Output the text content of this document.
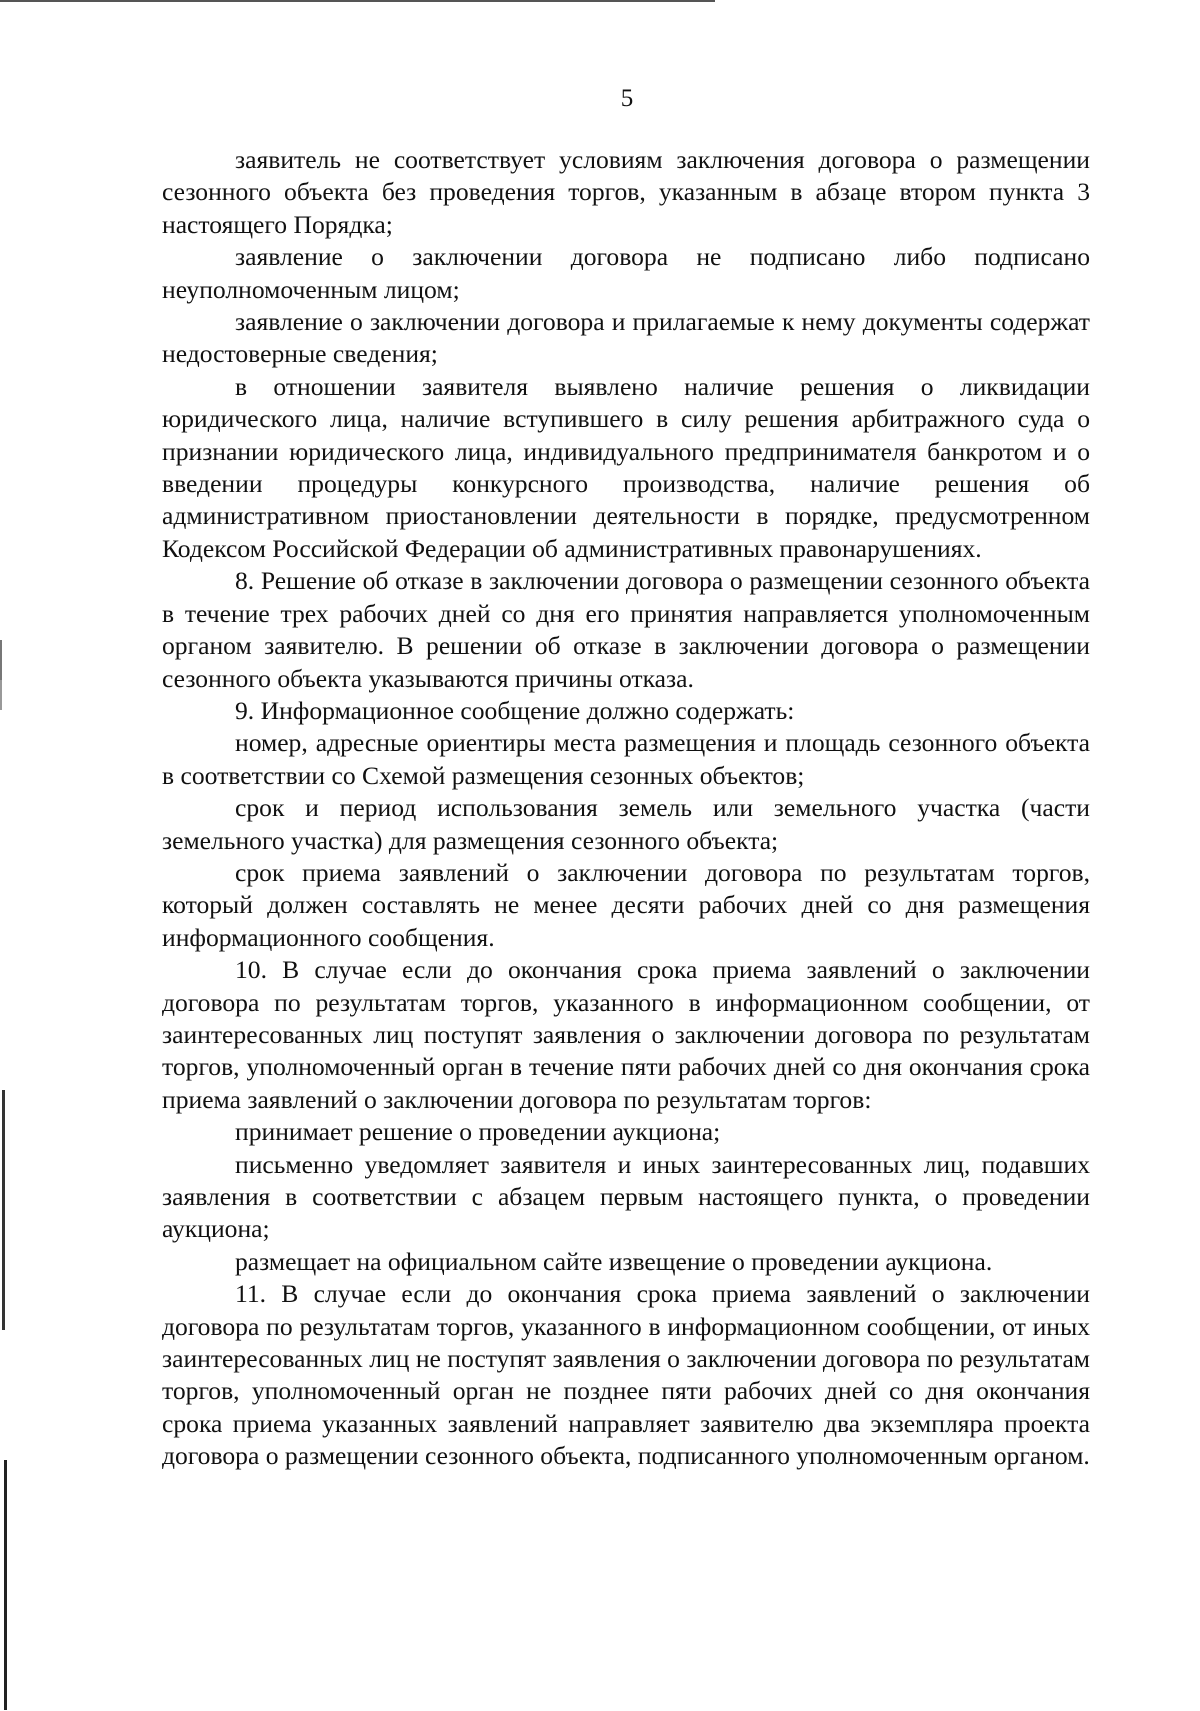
5

заявитель не соответствует условиям заключения договора о размещении сезонного объекта без проведения торгов, указанным в абзаце втором пункта 3 настоящего Порядка;

заявление о заключении договора не подписано либо подписано неуполномоченным лицом;

заявление о заключении договора и прилагаемые к нему документы содержат недостоверные сведения;

в отношении заявителя выявлено наличие решения о ликвидации юридического лица, наличие вступившего в силу решения арбитражного суда о признании юридического лица, индивидуального предпринимателя банкротом и о введении процедуры конкурсного производства, наличие решения об административном приостановлении деятельности в порядке, предусмотренном Кодексом Российской Федерации об административных правонарушениях.

8. Решение об отказе в заключении договора о размещении сезонного объекта в течение трех рабочих дней со дня его принятия направляется уполномоченным органом заявителю. В решении об отказе в заключении договора о размещении сезонного объекта указываются причины отказа.

9. Информационное сообщение должно содержать:

номер, адресные ориентиры места размещения и площадь сезонного объекта в соответствии со Схемой размещения сезонных объектов;

срок и период использования земель или земельного участка (части земельного участка) для размещения сезонного объекта;

срок приема заявлений о заключении договора по результатам торгов, который должен составлять не менее десяти рабочих дней со дня размещения информационного сообщения.

10. В случае если до окончания срока приема заявлений о заключении договора по результатам торгов, указанного в информационном сообщении, от заинтересованных лиц поступят заявления о заключении договора по результатам торгов, уполномоченный орган в течение пяти рабочих дней со дня окончания срока приема заявлений о заключении договора по результатам торгов:

принимает решение о проведении аукциона;

письменно уведомляет заявителя и иных заинтересованных лиц, подавших заявления в соответствии с абзацем первым настоящего пункта, о проведении аукциона;

размещает на официальном сайте извещение о проведении аукциона.

11. В случае если до окончания срока приема заявлений о заключении договора по результатам торгов, указанного в информационном сообщении, от иных заинтересованных лиц не поступят заявления о заключении договора по результатам торгов, уполномоченный орган не позднее пяти рабочих дней со дня окончания срока приема указанных заявлений направляет заявителю два экземпляра проекта договора о размещении сезонного объекта, подписанного уполномоченным органом.
